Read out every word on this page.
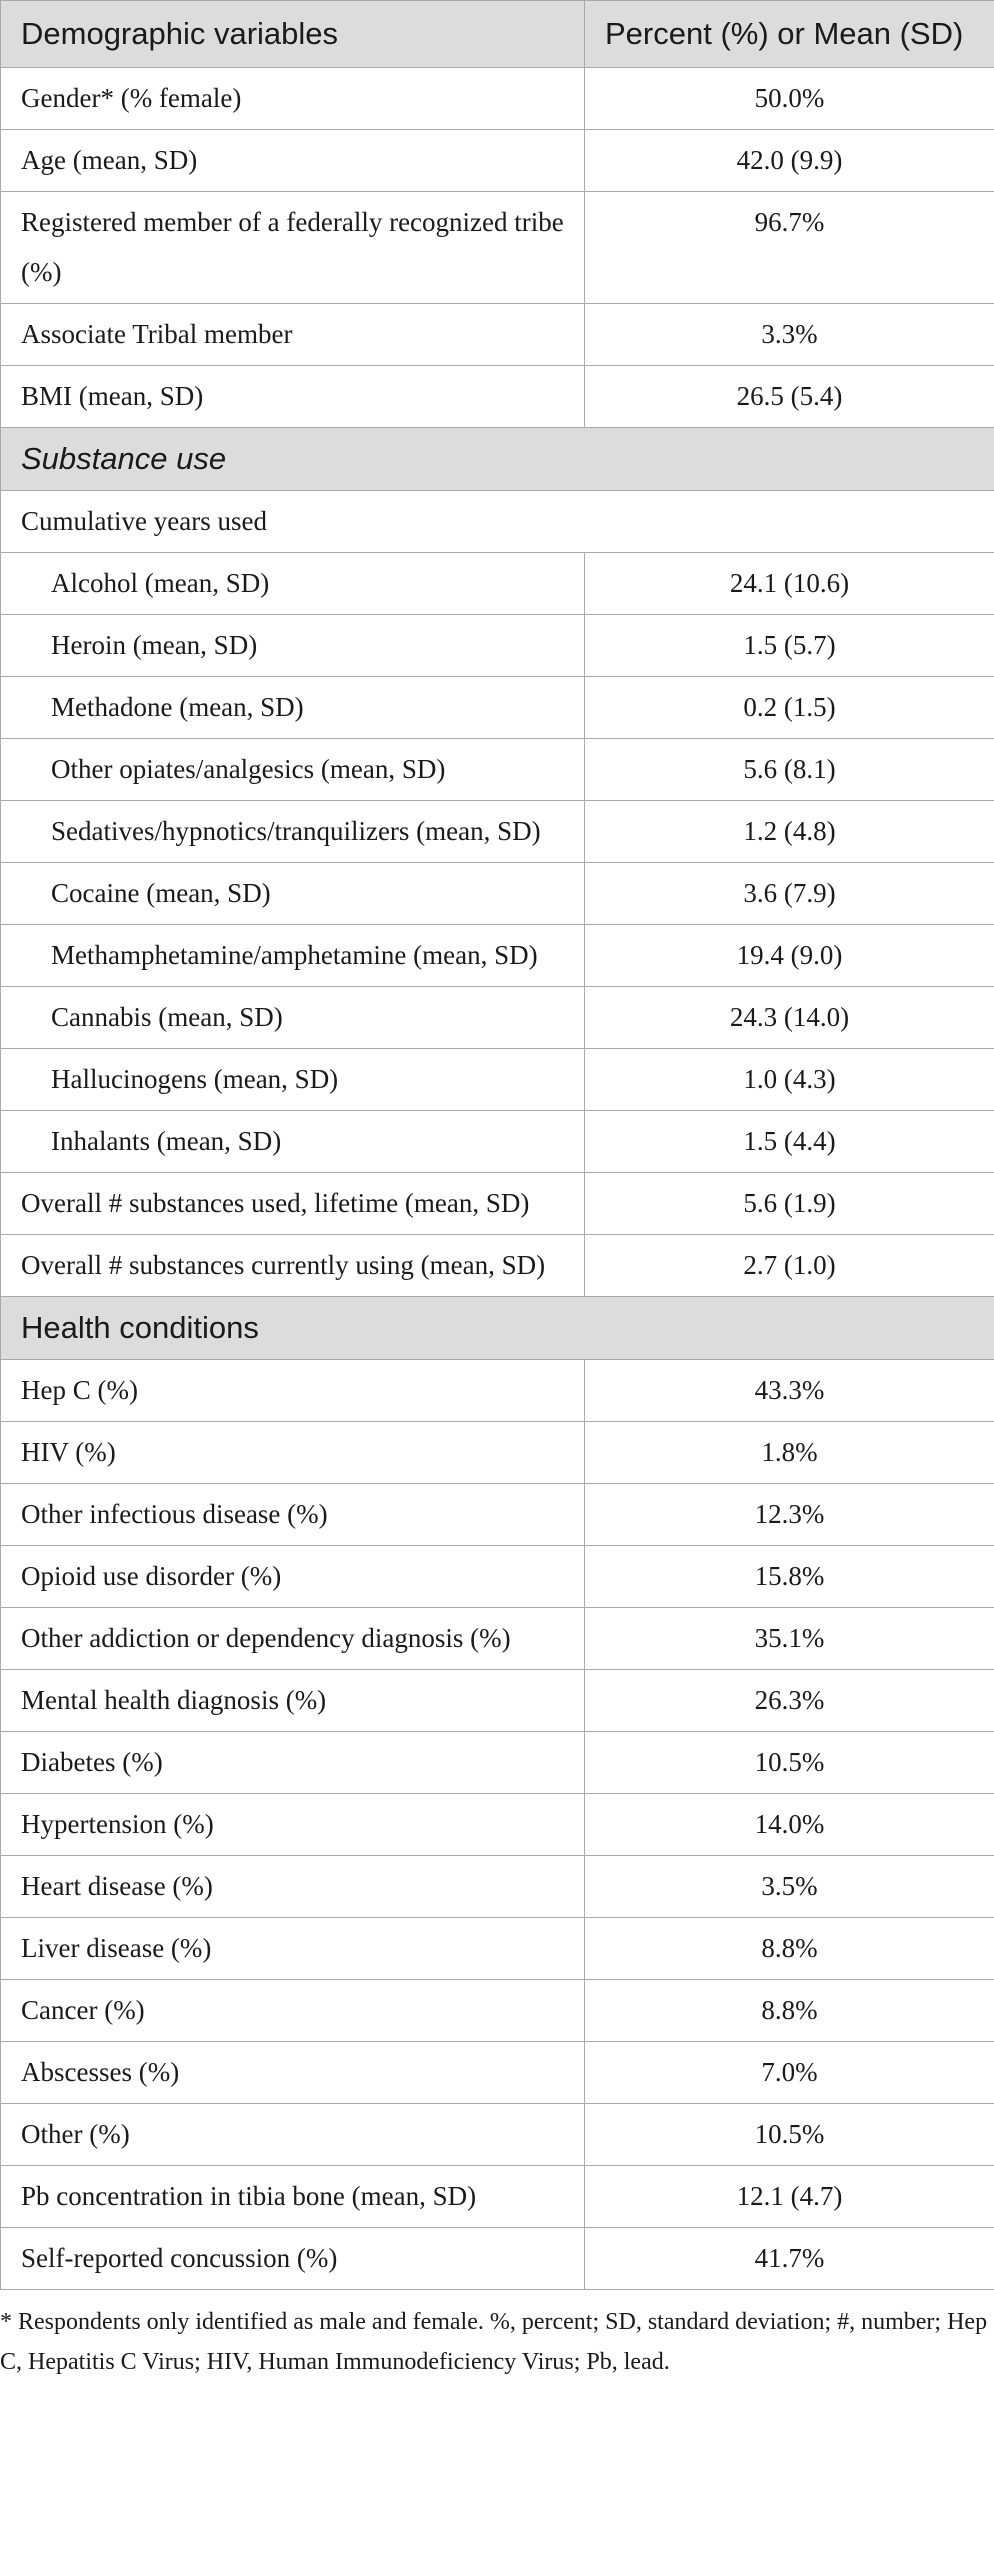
Demographic variables	Percent (%) or Mean (SD)
Gender* (% female)	50.0%
Age (mean, SD)	42.0 (9.9)
Registered member of a federally recognized tribe (%)	96.7%
Associate Tribal member	3.3%
BMI (mean, SD)	26.5 (5.4)
Substance use	
Cumulative years used	
Alcohol (mean, SD)	24.1 (10.6)
Heroin (mean, SD)	1.5 (5.7)
Methadone (mean, SD)	0.2 (1.5)
Other opiates/analgesics (mean, SD)	5.6 (8.1)
Sedatives/hypnotics/tranquilizers (mean, SD)	1.2 (4.8)
Cocaine (mean, SD)	3.6 (7.9)
Methamphetamine/amphetamine (mean, SD)	19.4 (9.0)
Cannabis (mean, SD)	24.3 (14.0)
Hallucinogens (mean, SD)	1.0 (4.3)
Inhalants (mean, SD)	1.5 (4.4)
Overall # substances used, lifetime (mean, SD)	5.6 (1.9)
Overall # substances currently using (mean, SD)	2.7 (1.0)
Health conditions	
Hep C (%)	43.3%
HIV (%)	1.8%
Other infectious disease (%)	12.3%
Opioid use disorder (%)	15.8%
Other addiction or dependency diagnosis (%)	35.1%
Mental health diagnosis (%)	26.3%
Diabetes (%)	10.5%
Hypertension (%)	14.0%
Heart disease (%)	3.5%
Liver disease (%)	8.8%
Cancer (%)	8.8%
Abscesses (%)	7.0%
Other (%)	10.5%
Pb concentration in tibia bone (mean, SD)	12.1 (4.7)
Self-reported concussion (%)	41.7%
* Respondents only identified as male and female. %, percent; SD, standard deviation; #, number; Hep C, Hepatitis C Virus; HIV, Human Immunodeficiency Virus; Pb, lead.
